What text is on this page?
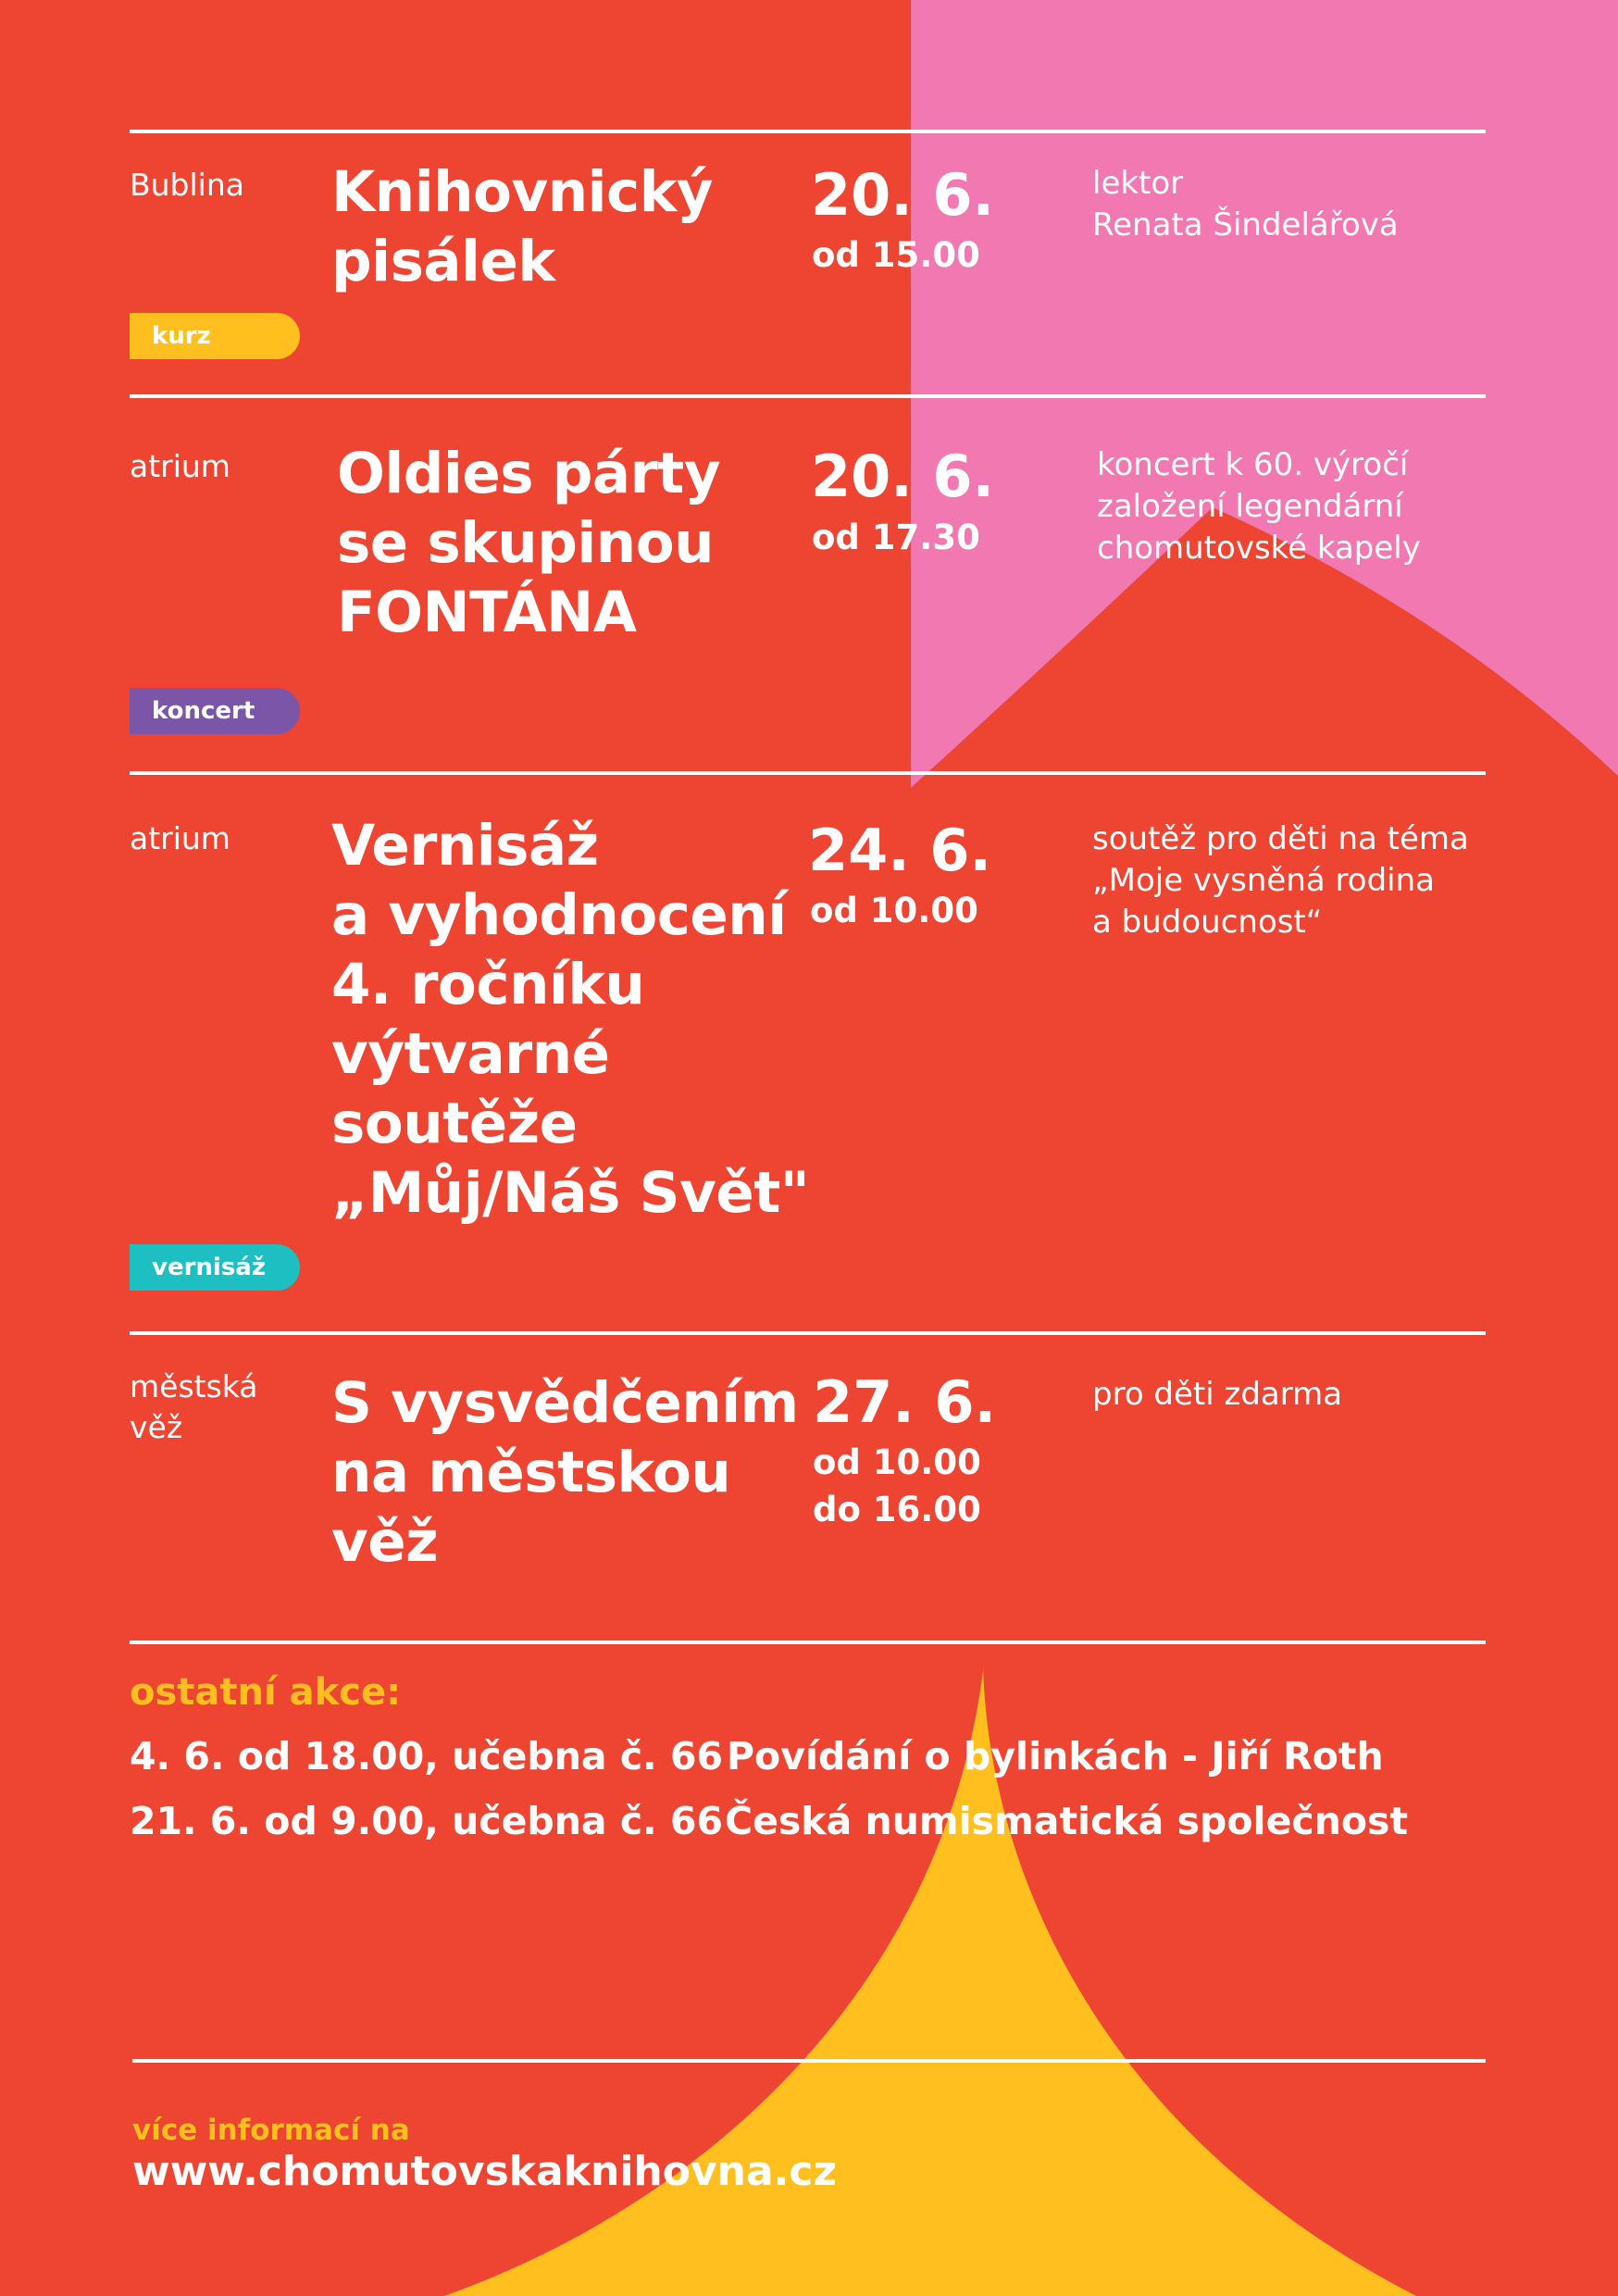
Bublina Knihovnický
pisálek
20. 6.
od 15.00
lektor
Renata Šindelářová
kurz
atrium Oldies párty
se skupinou
FONTÁNA
20. 6.
od 17.30
koncert k 60. výročí
založení legendární
chomutovské kapely
koncert
atrium Vernisáž
a vyhodnocení
4. ročníku
výtvarné
soutěže
„Můj/Náš Svět"
24. 6.
od 10.00
soutěž pro děti na téma
„Moje vysněná rodina
a budoucnost“
vernisáž
městská
věž	S vysvědčením
na městskou
věž
27. 6.
od 10.00
do 16.00
pro děti zdarma
ostatní akce:
4. 6. od 18.00, učebna č. 66 Povídání o bylinkách - Jiří Roth
21. 6. od 9.00, učebna č. 66 Česká numismatická společnost
více informací na
www.chomutovskaknihovna.cz
